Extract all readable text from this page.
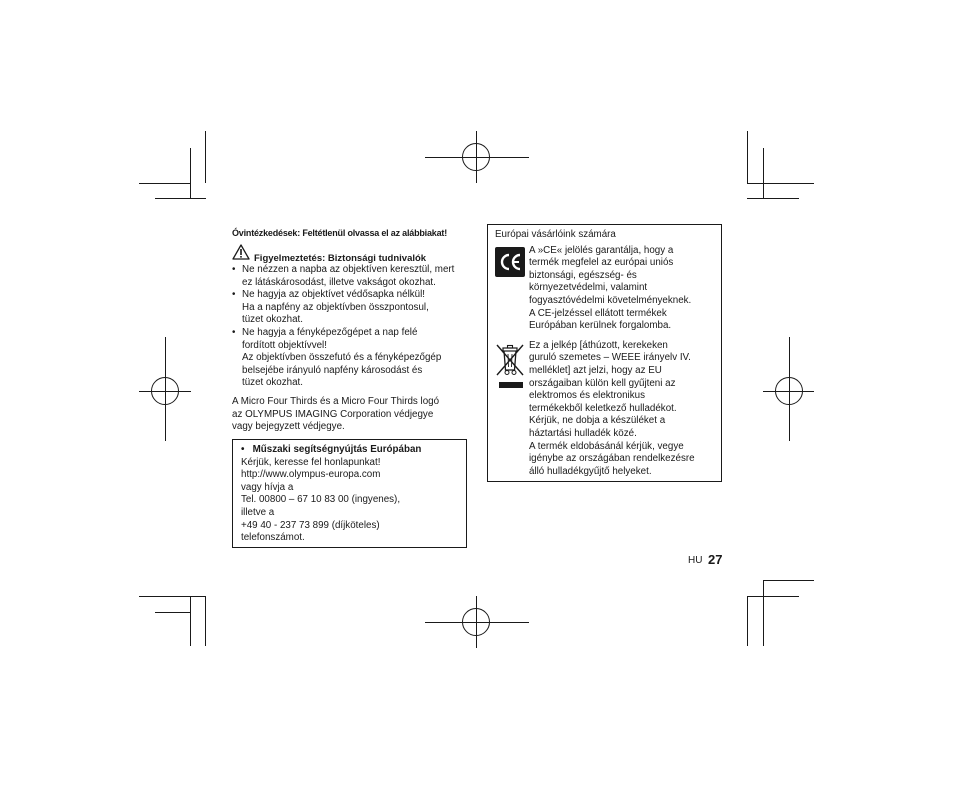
Óvintézkedések: Feltétlenül olvassa el az alábbiakat!
Figyelmeztetés: Biztonsági tudnivalók
• Ne nézzen a napba az objektíven keresztül, mert
ez látáskárosodást, illetve vakságot okozhat.
• Ne hagyja az objektívet védősapka nélkül!
Ha a napfény az objektívben összpontosul,
tüzet okozhat.
• Ne hagyja a fényképezőgépet a nap felé
fordított objektívvel!
Az objektívben összefutó és a fényképezőgép
belsejébe irányuló napfény károsodást és
tüzet okozhat.
A Micro Four Thirds és a Micro Four Thirds logó
az OLYMPUS IMAGING Corporation védjegye
vagy bejegyzett védjegye.
•   Műszaki segítségnyújtás Európában
Kérjük, keresse fel honlapunkat!
http://www.olympus-europa.com
vagy hívja a
Tel. 00800 – 67 10 83 00 (ingyenes),
illetve a
+49 40 - 237 73 899 (díjköteles)
telefonszámot.
Európai vásárlóink számára
A »CE« jelölés garantálja, hogy a
termék megfelel az európai uniós
biztonsági, egészség- és
környezetvédelmi, valamint
fogyasztóvédelmi követelményeknek.
A CE-jelzéssel ellátott termékek
Európában kerülnek forgalomba.
Ez a jelkép [áthúzott, kerekeken
guruló szemetes – WEEE irányelv IV.
melléklet] azt jelzi, hogy az EU
országaiban külön kell gyűjteni az
elektromos és elektronikus
termékekből keletkező hulladékot.
Kérjük, ne dobja a készüléket a
háztartási hulladék közé.
A termék eldobásánál kérjük, vegye
igénybe az országában rendelkezésre
álló hulladékgyűjtő helyeket.
HU 27
